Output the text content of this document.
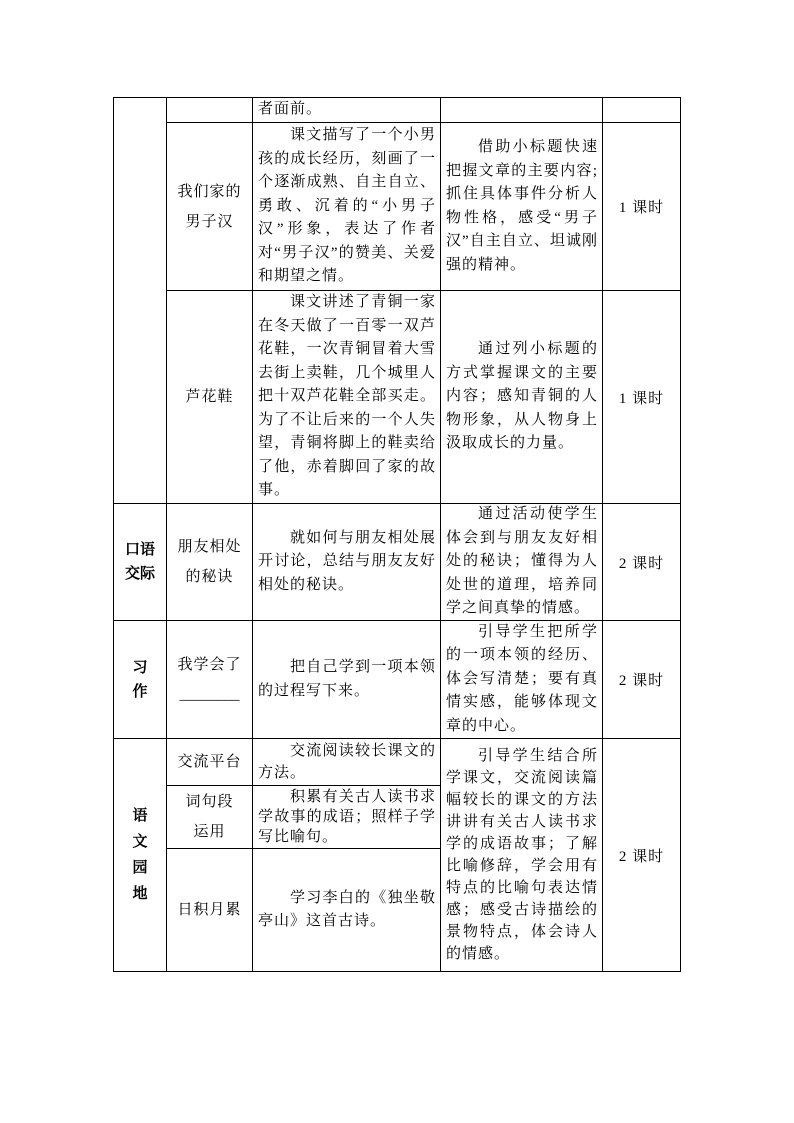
者面前。

我们家的
男子汉

课文描写了一个小男孩的成长经历，刻画了一个逐渐成熟、自主自立、勇敢、沉着的“小男子汉”形象，表达了作者对“男子汉”的赞美、关爱和期望之情。

借助小标题快速把握文章的主要内容;抓住具体事件分析人物性格，感受“男子汉”自主自立、坦诚刚强的精神。

1 课时
芦花鞋

课文讲述了青铜一家在冬天做了一百零一双芦花鞋，一次青铜冒着大雪去街上卖鞋，几个城里人把十双芦花鞋全部买走。为了不让后来的一个人失望，青铜将脚上的鞋卖给了他，赤着脚回了家的故事。

通过列小标题的方式掌握课文的主要内容；感知青铜的人物形象，从人物身上汲取成长的力量。

1 课时
口语
交际
朋友相处
的秘诀

就如何与朋友相处展开讨论，总结与朋友友好相处的秘诀。

通过活动使学生体会到与朋友友好相处的秘诀；懂得为人处世的道理，培养同学之间真挚的情感。

2 课时
习
作
我学会了
________

把自己学到一项本领的过程写下来。

引导学生把所学的一项本领的经历、体会写清楚；要有真情实感，能够体现文章的中心。

2 课时
语
文
园
地
交流平台

交流阅读较长课文的方法。

词句段
运用

积累有关古人读书求学故事的成语；照样子学写比喻句。

日积月累

学习李白的《独坐敬亭山》这首古诗。

引导学生结合所学课文，交流阅读篇幅较长的课文的方法讲讲有关古人读书求学的成语故事；了解比喻修辞，学会用有特点的比喻句表达情感；感受古诗描绘的景物特点，体会诗人的情感。

2 课时
